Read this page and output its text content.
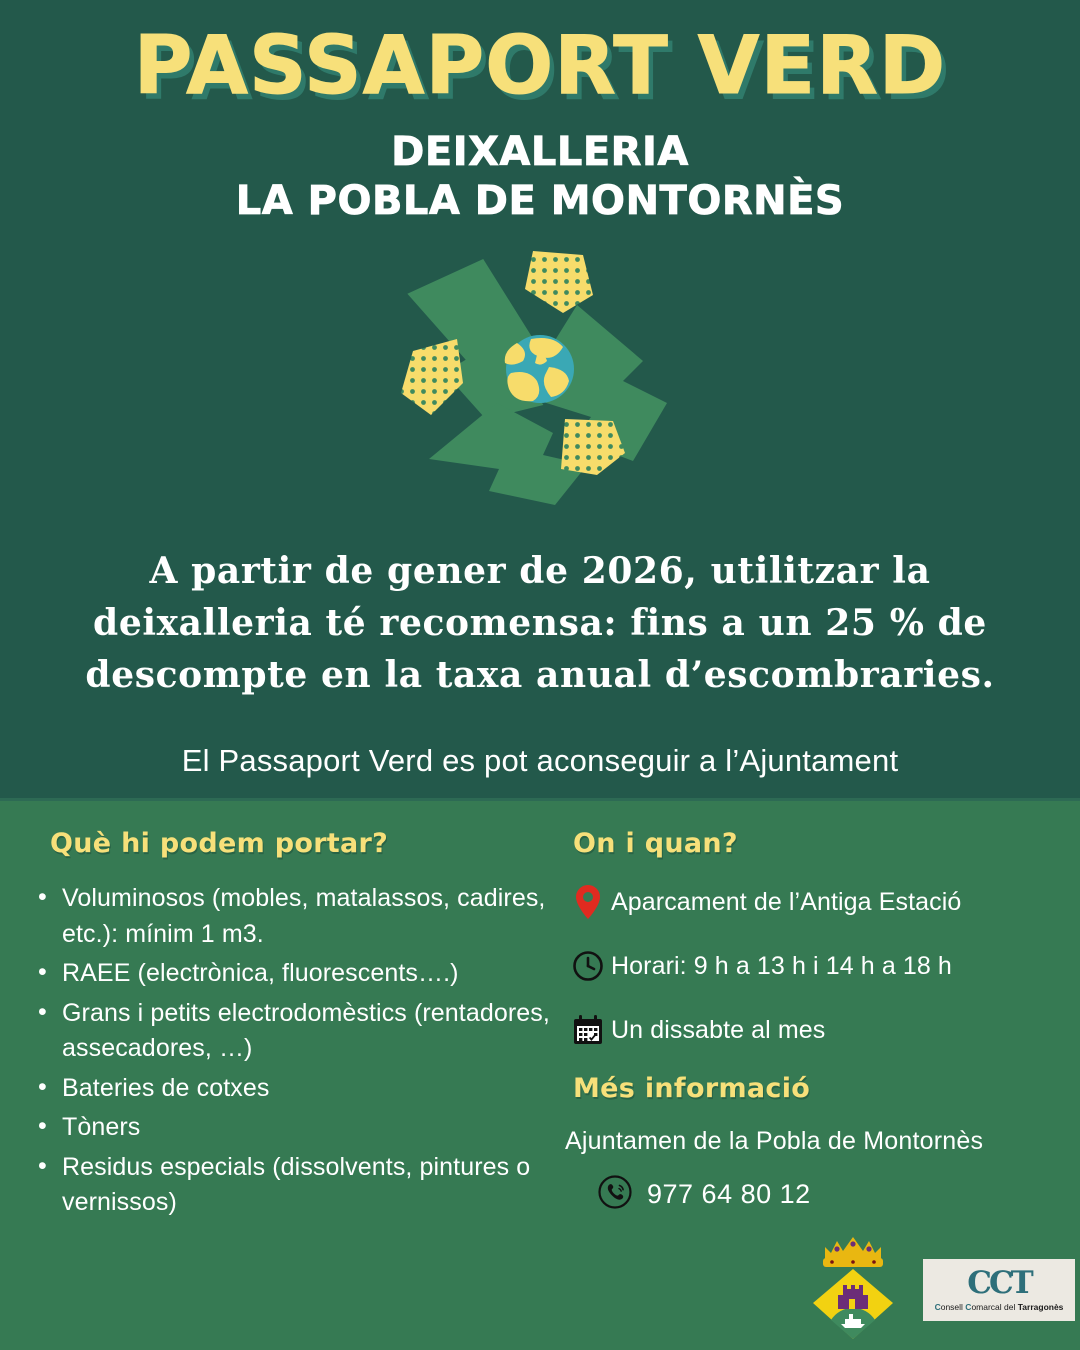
PASSAPORT VERD
DEIXALLERIA
LA POBLA DE MONTORNÈS
A partir de gener de 2026, utilitzar la deixalleria té recomensa: fins a un 25 % de descompte en la taxa anual d’escombraries.
El Passaport Verd es pot aconseguir a l’Ajuntament
Què hi podem portar?
• Voluminosos (mobles, matalassos, cadires, etc.): mínim 1 m3.
• RAEE (electrònica, fluorescents….)
• Grans i petits electrodomèstics (rentadores, assecadores, …)
• Bateries de cotxes
• Tòners
• Residus especials (dissolvents, pintures o vernissos)
On i quan?
Aparcament de l’Antiga Estació
Horari: 9 h a 13 h i 14 h a 18 h
Un dissabte al mes
Més informació

Ajuntamen de la Pobla de Montornès

977 64 80 12
CCT
Consell Comarcal del Tarragonès
